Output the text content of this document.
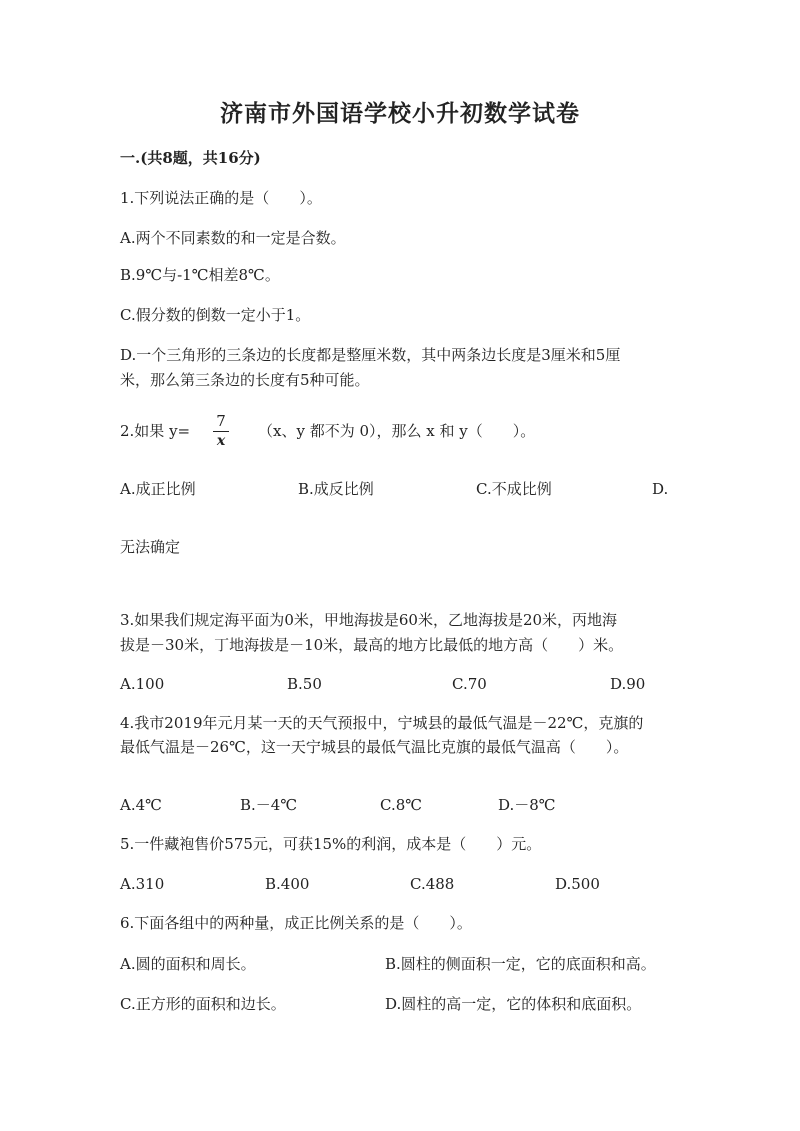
济南市外国语学校小升初数学试卷
一.(共8题，共16分)
1.下列说法正确的是（　　）。
A.两个不同素数的和一定是合数。
B.9℃与-1℃相差8℃。
C.假分数的倒数一定小于1。
D.一个三角形的三条边的长度都是整厘米数，其中两条边长度是3厘米和5厘
米，那么第三条边的长度有5种可能。
2.如果 y=
7
x
（x、y 都不为 0），那么 x 和 y（　　）。
A.成正比例	B.成反比例	C.不成比例	D.
无法确定
3.如果我们规定海平面为0米，甲地海拔是60米，乙地海拔是20米，丙地海
拔是－30米，丁地海拔是－10米，最高的地方比最低的地方高（　　）米。
A.100	B.50	C.70	D.90
4.我市2019年元月某一天的天气预报中，宁城县的最低气温是－22℃，克旗的
最低气温是－26℃，这一天宁城县的最低气温比克旗的最低气温高（　　）。
A.4℃	B.－4℃	C.8℃	D.－8℃
5.一件藏袍售价575元，可获15%的利润，成本是（　　）元。
A.310	B.400	C.488	D.500
6.下面各组中的两种量，成正比例关系的是（　　）。
A.圆的面积和周长。	B.圆柱的侧面积一定，它的底面积和高。
C.正方形的面积和边长。	D.圆柱的高一定，它的体积和底面积。
